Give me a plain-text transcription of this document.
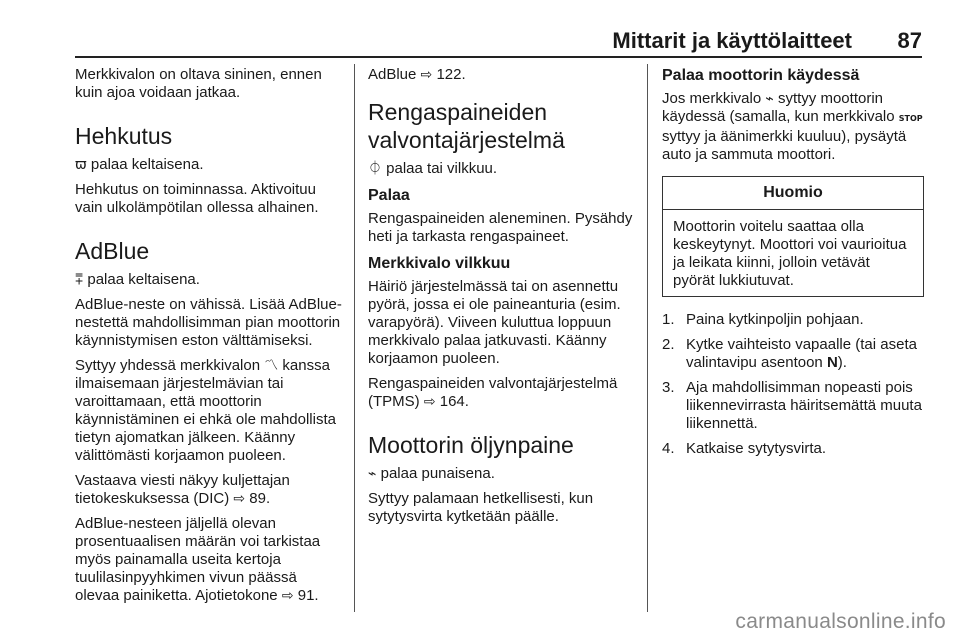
Mittarit ja käyttölaitteet 87

Merkkivalon on oltava sininen, ennen kuin ajoa voidaan jatkaa.

Hehkutus

ϖ palaa keltaisena.

Hehkutus on toiminnassa. Aktivoituu vain ulkolämpötilan ollessa alhainen.

AdBlue

⩱ palaa keltaisena.

AdBlue-neste on vähissä. Lisää AdBlue-nestettä mahdollisimman pian moottorin käynnistymisen eston välttämiseksi.

Syttyy yhdessä merkkivalon 〽 kanssa ilmaisemaan järjestelmävian tai varoittamaan, että moottorin käynnistäminen ei ehkä ole mahdollista tietyn ajomatkan jälkeen. Käänny välittömästi korjaamon puoleen.

Vastaava viesti näkyy kuljettajan tietokeskuksessa (DIC) ⇨ 89.

AdBlue-nesteen jäljellä olevan prosentuaalisen määrän voi tarkistaa myös painamalla useita kertoja tuulilasinpyyhkimen vivun päässä olevaa painiketta. Ajotietokone ⇨ 91.

AdBlue ⇨ 122.

Rengaspaineiden valvontajärjestelmä

⏀ palaa tai vilkkuu.

Palaa

Rengaspaineiden aleneminen. Pysähdy heti ja tarkasta rengaspaineet.

Merkkivalo vilkkuu

Häiriö järjestelmässä tai on asennettu pyörä, jossa ei ole paineanturia (esim. varapyörä). Viiveen kuluttua loppuun merkkivalo palaa jatkuvasti. Käänny korjaamon puoleen.

Rengaspaineiden valvontajärjestelmä (TPMS) ⇨ 164.

Moottorin öljynpaine

⌁ palaa punaisena.

Syttyy palamaan hetkellisesti, kun sytytysvirta kytketään päälle.

Palaa moottorin käydessä

Jos merkkivalo ⌁ syttyy moottorin käydessä (samalla, kun merkkivalo STOP syttyy ja äänimerkki kuuluu), pysäytä auto ja sammuta moottori.

Huomio
Moottorin voitelu saattaa olla keskeytynyt. Moottori voi vaurioitua ja leikata kiinni, jolloin vetävät pyörät lukkiutuvat.
1. Paina kytkinpoljin pohjaan.
2. Kytke vaihteisto vapaalle (tai aseta valintavipu asentoon N).
3. Aja mahdollisimman nopeasti pois liikennevirrasta häiritsemättä muuta liikennettä.
4. Katkaise sytytysvirta.
carmanualsonline.info
